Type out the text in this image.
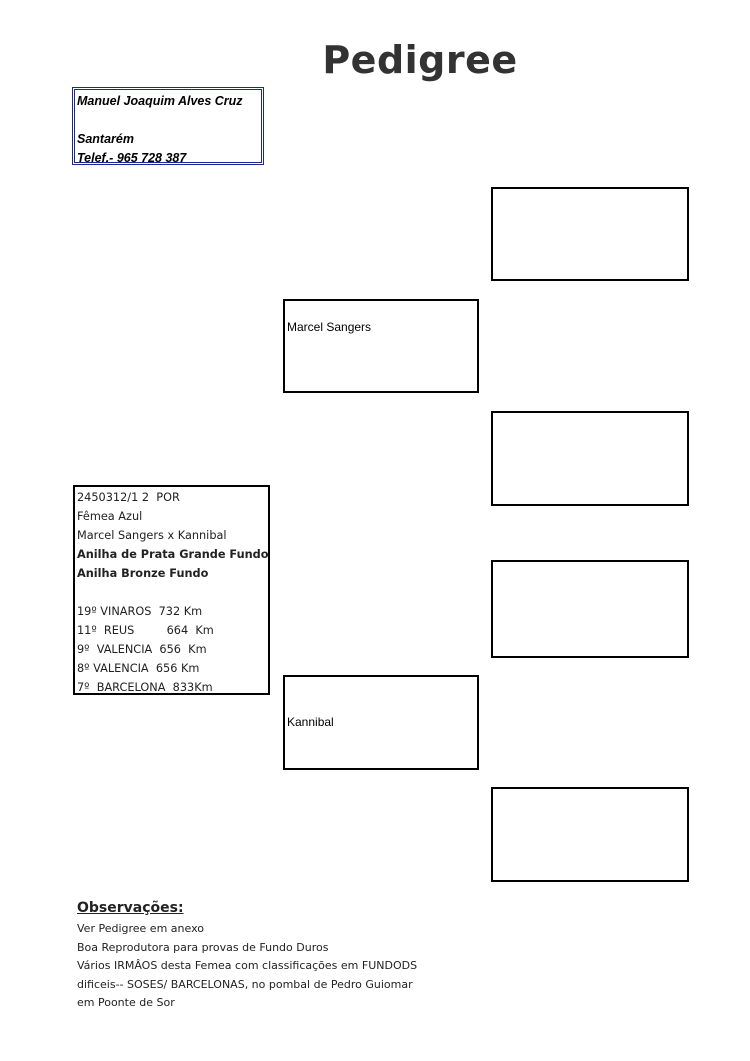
Pedigree
Manuel Joaquim Alves Cruz
Santarém
Telef.- 965 728 387
2450312/1 2  POR
Fêmea Azul
Marcel Sangers x Kannibal
Anilha de Prata Grande Fundo
Anilha Bronze Fundo
19º VINAROS  732 Km
11º  REUS         664  Km
9º  VALENCIA  656  Km
8º VALENCIA  656 Km
7º  BARCELONA  833Km
Marcel Sangers
Kannibal
Observações:
Ver Pedigree em anexo
Boa Reprodutora para provas de Fundo Duros
Vários IRMÂOS desta Femea com classificações em FUNDODS
dificeis-- SOSES/ BARCELONAS, no pombal de Pedro Guiomar
em Poonte de Sor
